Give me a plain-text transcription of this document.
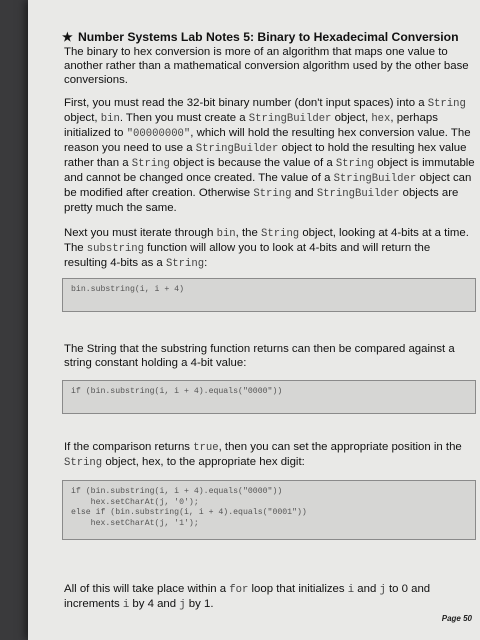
★ Number Systems Lab Notes 5: Binary to Hexadecimal Conversion

The binary to hex conversion is more of an algorithm that maps one value to another rather than a mathematical conversion algorithm used by the other base conversions.

First, you must read the 32-bit binary number (don't input spaces) into a String object, bin. Then you must create a StringBuilder object, hex, perhaps initialized to "00000000", which will hold the resulting hex conversion value. The reason you need to use a StringBuilder object to hold the resulting hex value rather than a String object is because the value of a String object is immutable and cannot be changed once created. The value of a StringBuilder object can be modified after creation. Otherwise String and StringBuilder objects are pretty much the same.

Next you must iterate through bin, the String object, looking at 4-bits at a time. The substring function will allow you to look at 4-bits and will return the resulting 4-bits as a String:

bin.substring(i, i + 4)

The String that the substring function returns can then be compared against a string constant holding a 4-bit value:

if (bin.substring(i, i + 4).equals("0000"))

If the comparison returns true, then you can set the appropriate position in the String object, hex, to the appropriate hex digit:

if (bin.substring(i, i + 4).equals("0000"))
hex.setCharAt(j, '0');
else if (bin.substring(i, i + 4).equals("0001"))
hex.setCharAt(j, '1');

All of this will take place within a for loop that initializes i and j to 0 and increments i by 4 and j by 1.

Page 50
